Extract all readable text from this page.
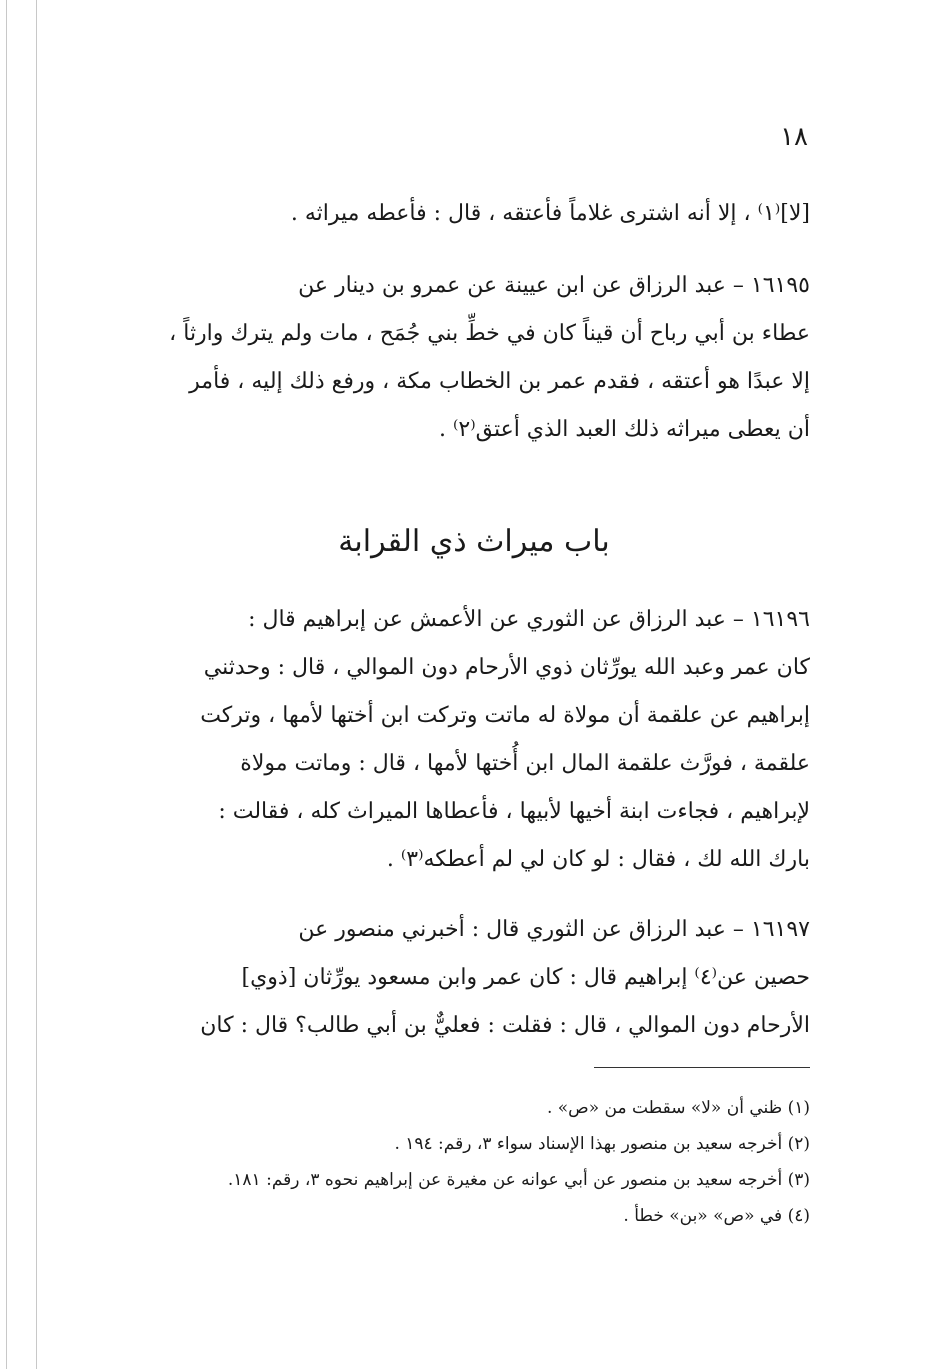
١٨
[لا]⁽١⁾ ، إلا أنه اشترى غلاماً فأعتقه ، قال : فأعطه ميراثه .
١٦١٩٥ – عبد الرزاق عن ابن عيينة عن عمرو بن دينار عن
عطاء بن أبي رباح أن قيناً كان في خطِّ بني جُمَح ، مات ولم يترك وارثاً ،
إلا عبدًا هو أعتقه ، فقدم عمر بن الخطاب مكة ، ورفع ذلك إليه ، فأمر
أن يعطى ميراثه ذلك العبد الذي أعتق⁽٢⁾ .
باب ميراث ذي القرابة
١٦١٩٦ – عبد الرزاق عن الثوري عن الأعمش عن إبراهيم قال :
كان عمر وعبد الله يورِّثان ذوي الأرحام دون الموالي ، قال : وحدثني
إبراهيم عن علقمة أن مولاة له ماتت وتركت ابن أختها لأمها ، وتركت
علقمة ، فورَّث علقمة المال ابن أُختها لأمها ، قال : وماتت مولاة
لإبراهيم ، فجاءت ابنة أخيها لأبيها ، فأعطاها الميراث كله ، فقالت :
بارك الله لك ، فقال : لو كان لي لم أعطكه⁽٣⁾ .
١٦١٩٧ – عبد الرزاق عن الثوري قال : أخبرني منصور عن
حصين عن⁽٤⁾ إبراهيم قال : كان عمر وابن مسعود يورِّثان [ذوي]
الأرحام دون الموالي ، قال : فقلت : فعليٌّ بن أبي طالب؟ قال : كان
(١) ظني أن «لا» سقطت من «ص» .
(٢) أخرجه سعيد بن منصور بهذا الإسناد سواء ٣، رقم: ١٩٤ .
(٣) أخرجه سعيد بن منصور عن أبي عوانه عن مغيرة عن إبراهيم نحوه ٣، رقم: ١٨١.
(٤) في «ص» «بن» خطأ .
